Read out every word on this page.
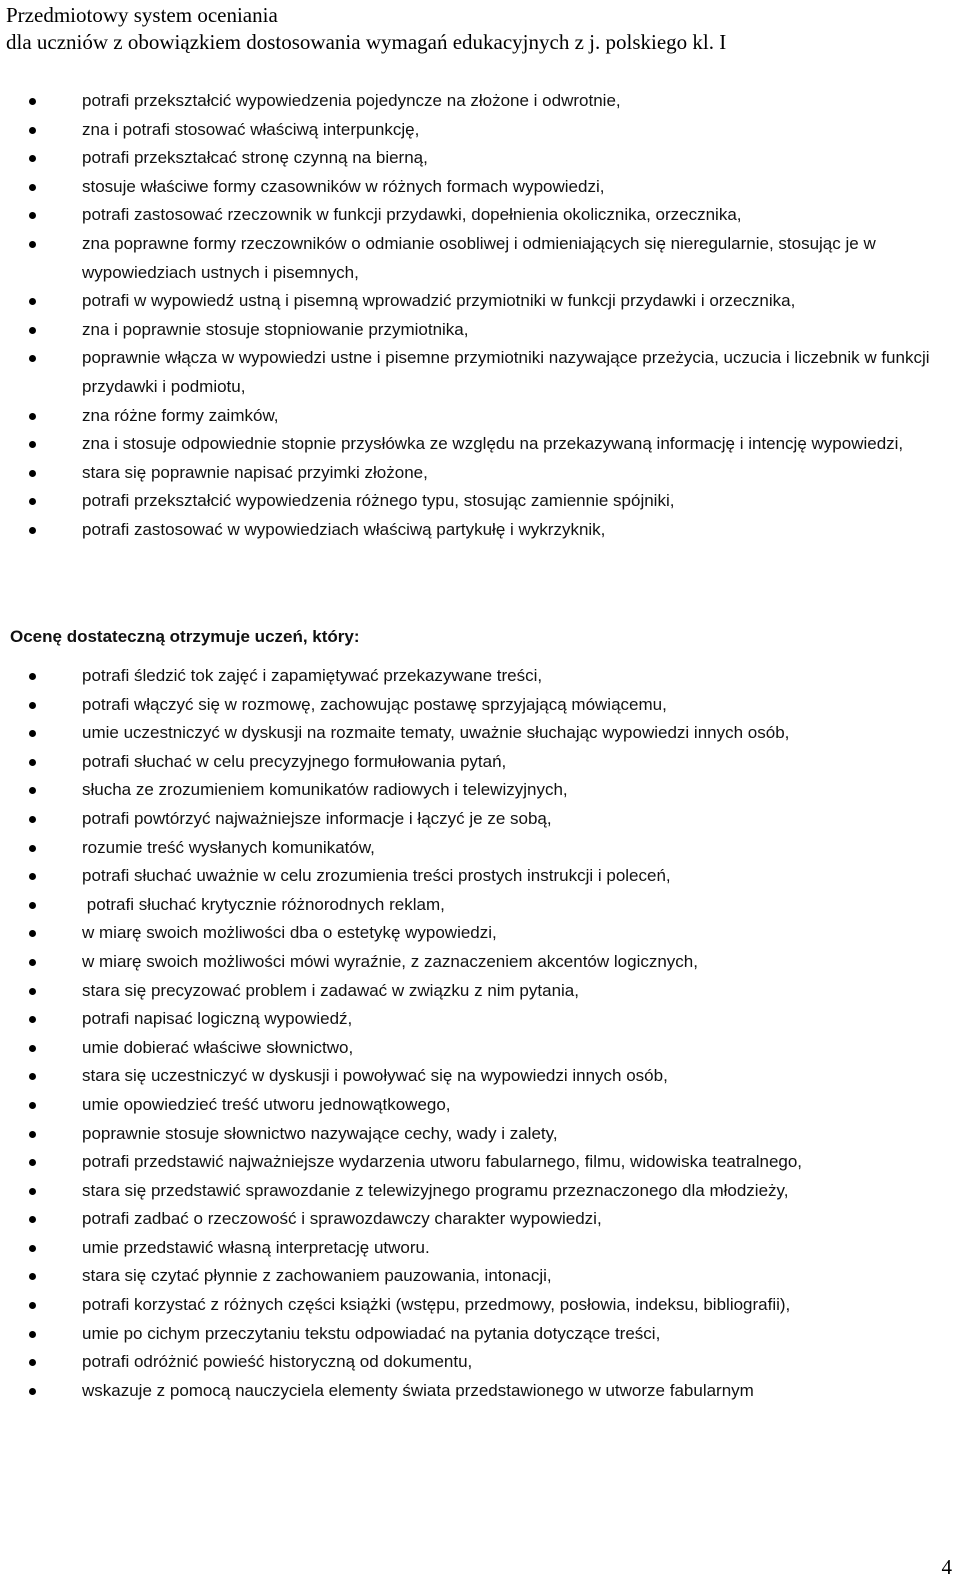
Przedmiotowy system oceniania
dla uczniów z obowiązkiem dostosowania wymagań edukacyjnych z j. polskiego kl. I
potrafi przekształcić wypowiedzenia pojedyncze na złożone i odwrotnie,
zna i potrafi stosować właściwą interpunkcję,
potrafi przekształcać stronę czynną na bierną,
stosuje właściwe formy czasowników w różnych formach wypowiedzi,
potrafi zastosować rzeczownik w funkcji przydawki, dopełnienia okolicznika, orzecznika,
zna poprawne formy rzeczowników o odmianie osobliwej i odmieniających się nieregularnie, stosując je w wypowiedziach ustnych i pisemnych,
potrafi w wypowiedź ustną i pisemną wprowadzić przymiotniki w funkcji przydawki i orzecznika,
zna i poprawnie stosuje stopniowanie przymiotnika,
poprawnie włącza w wypowiedzi ustne i pisemne przymiotniki nazywające przeżycia, uczucia i liczebnik w funkcji przydawki i podmiotu,
zna różne formy zaimków,
zna i stosuje odpowiednie stopnie przysłówka ze względu na przekazywaną informację i intencję wypowiedzi,
stara się poprawnie napisać przyimki złożone,
potrafi przekształcić wypowiedzenia różnego typu, stosując zamiennie spójniki,
potrafi zastosować w wypowiedziach właściwą partykułę i wykrzyknik,
Ocenę dostateczną otrzymuje uczeń, który:
potrafi śledzić tok zajęć i zapamiętywać przekazywane treści,
potrafi włączyć się w rozmowę, zachowując postawę sprzyjającą mówiącemu,
umie uczestniczyć w dyskusji na rozmaite tematy, uważnie słuchając wypowiedzi innych osób,
potrafi słuchać w celu precyzyjnego formułowania pytań,
słucha ze zrozumieniem komunikatów radiowych i telewizyjnych,
potrafi powtórzyć najważniejsze informacje i łączyć je ze sobą,
rozumie treść wysłanych komunikatów,
potrafi słuchać uważnie w celu zrozumienia treści prostych instrukcji i poleceń,
potrafi słuchać krytycznie różnorodnych reklam,
w miarę swoich możliwości dba o estetykę wypowiedzi,
w miarę swoich możliwości mówi wyraźnie, z zaznaczeniem akcentów logicznych,
stara się precyzować problem i zadawać w związku z nim pytania,
potrafi napisać logiczną wypowiedź,
umie dobierać właściwe słownictwo,
stara się uczestniczyć w dyskusji i powoływać się na wypowiedzi innych osób,
umie opowiedzieć treść utworu jednowątkowego,
poprawnie stosuje słownictwo nazywające cechy, wady i zalety,
potrafi przedstawić najważniejsze wydarzenia utworu fabularnego, filmu, widowiska teatralnego,
stara się przedstawić sprawozdanie z telewizyjnego programu przeznaczonego dla młodzieży,
potrafi zadbać o rzeczowość i sprawozdawczy charakter wypowiedzi,
umie przedstawić własną interpretację utworu.
stara się czytać płynnie z zachowaniem pauzowania, intonacji,
potrafi korzystać z różnych części książki (wstępu, przedmowy, posłowia, indeksu, bibliografii),
umie po cichym przeczytaniu tekstu odpowiadać na pytania dotyczące treści,
potrafi odróżnić powieść historyczną od dokumentu,
wskazuje z pomocą nauczyciela elementy świata przedstawionego w utworze fabularnym
4
